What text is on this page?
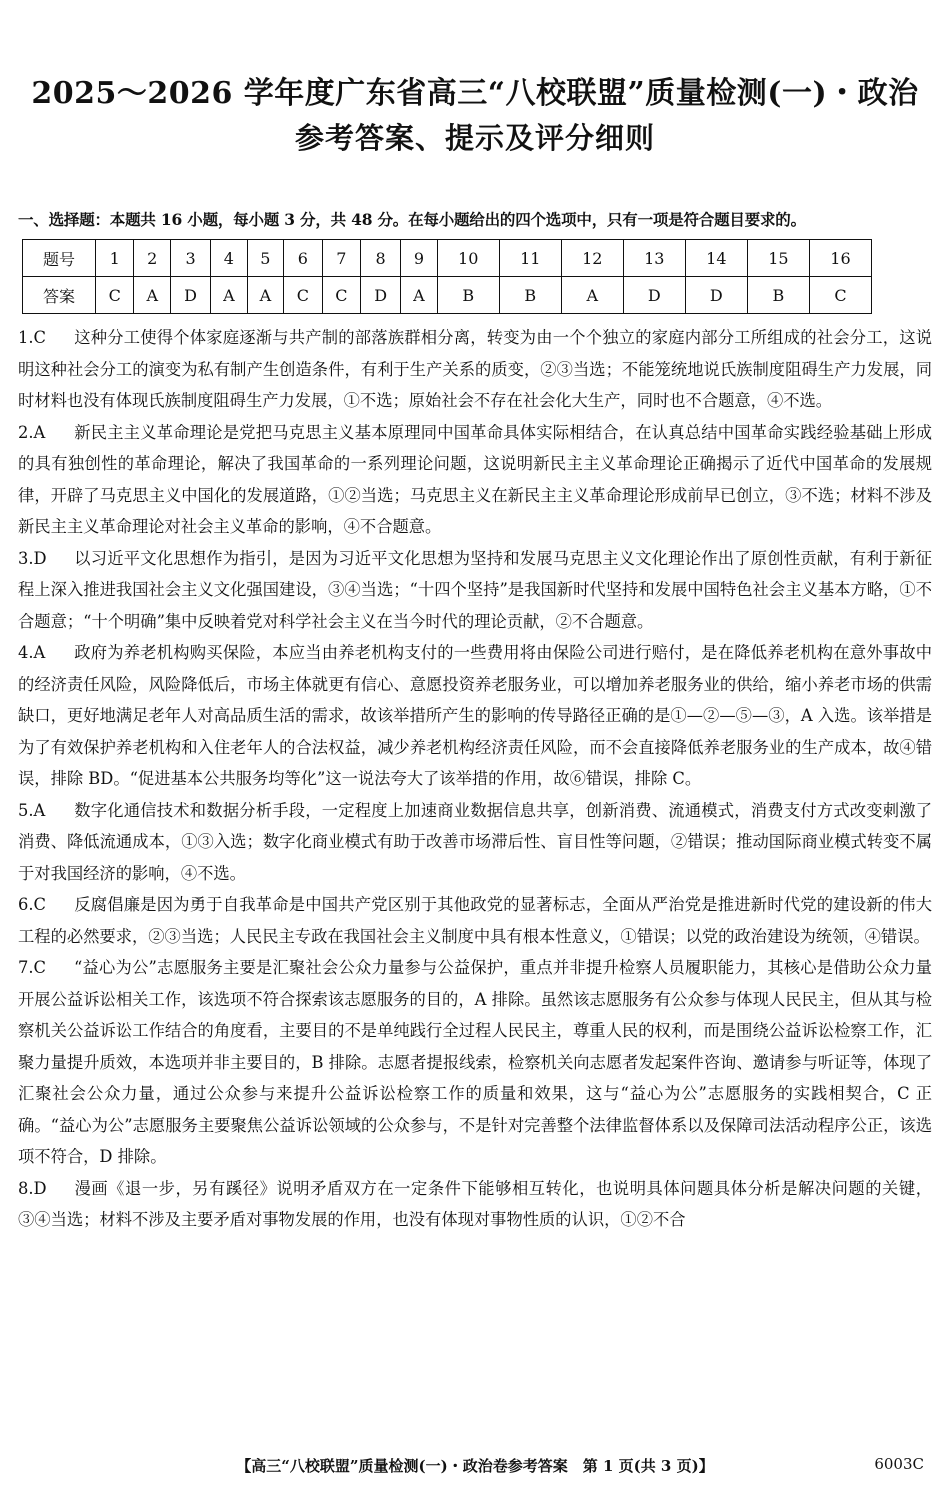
2025～2026 学年度广东省高三“八校联盟”质量检测(一)・政治
参考答案、提示及评分细则
一、选择题：本题共 16 小题，每小题 3 分，共 48 分。在每小题给出的四个选项中，只有一项是符合题目要求的。
题号	1	2	3	4	5	6	7	8	9	10	11	12	13	14	15	16
答案	C	A	D	A	A	C	C	D	A	B	B	A	D	D	B	C
1.C 这种分工使得个体家庭逐渐与共产制的部落族群相分离，转变为由一个个独立的家庭内部分工所组成的社会分工，这说明这种社会分工的演变为私有制产生创造条件，有利于生产关系的质变，②③当选；不能笼统地说氏族制度阻碍生产力发展，同时材料也没有体现氏族制度阻碍生产力发展，①不选；原始社会不存在社会化大生产，同时也不合题意，④不选。
2.A 新民主主义革命理论是党把马克思主义基本原理同中国革命具体实际相结合，在认真总结中国革命实践经验基础上形成的具有独创性的革命理论，解决了我国革命的一系列理论问题，这说明新民主主义革命理论正确揭示了近代中国革命的发展规律，开辟了马克思主义中国化的发展道路，①②当选；马克思主义在新民主主义革命理论形成前早已创立，③不选；材料不涉及新民主主义革命理论对社会主义革命的影响，④不合题意。
3.D 以习近平文化思想作为指引，是因为习近平文化思想为坚持和发展马克思主义文化理论作出了原创性贡献，有利于新征程上深入推进我国社会主义文化强国建设，③④当选；“十四个坚持”是我国新时代坚持和发展中国特色社会主义基本方略，①不合题意；“十个明确”集中反映着党对科学社会主义在当今时代的理论贡献，②不合题意。
4.A 政府为养老机构购买保险，本应当由养老机构支付的一些费用将由保险公司进行赔付，是在降低养老机构在意外事故中的经济责任风险，风险降低后，市场主体就更有信心、意愿投资养老服务业，可以增加养老服务业的供给，缩小养老市场的供需缺口，更好地满足老年人对高品质生活的需求，故该举措所产生的影响的传导路径正确的是①—②—⑤—③，A 入选。该举措是为了有效保护养老机构和入住老年人的合法权益，减少养老机构经济责任风险，而不会直接降低养老服务业的生产成本，故④错误，排除 BD。“促进基本公共服务均等化”这一说法夸大了该举措的作用，故⑥错误，排除 C。
5.A 数字化通信技术和数据分析手段，一定程度上加速商业数据信息共享，创新消费、流通模式，消费支付方式改变刺激了消费、降低流通成本，①③入选；数字化商业模式有助于改善市场滞后性、盲目性等问题，②错误；推动国际商业模式转变不属于对我国经济的影响，④不选。
6.C 反腐倡廉是因为勇于自我革命是中国共产党区别于其他政党的显著标志，全面从严治党是推进新时代党的建设新的伟大工程的必然要求，②③当选；人民民主专政在我国社会主义制度中具有根本性意义，①错误；以党的政治建设为统领，④错误。
7.C “益心为公”志愿服务主要是汇聚社会公众力量参与公益保护，重点并非提升检察人员履职能力，其核心是借助公众力量开展公益诉讼相关工作，该选项不符合探索该志愿服务的目的，A 排除。虽然该志愿服务有公众参与体现人民民主，但从其与检察机关公益诉讼工作结合的角度看，主要目的不是单纯践行全过程人民民主，尊重人民的权利，而是围绕公益诉讼检察工作，汇聚力量提升质效，本选项并非主要目的，B 排除。志愿者提报线索，检察机关向志愿者发起案件咨询、邀请参与听证等，体现了汇聚社会公众力量，通过公众参与来提升公益诉讼检察工作的质量和效果，这与“益心为公”志愿服务的实践相契合，C 正确。“益心为公”志愿服务主要聚焦公益诉讼领域的公众参与，不是针对完善整个法律监督体系以及保障司法活动程序公正，该选项不符合，D 排除。
8.D 漫画《退一步，另有蹊径》说明矛盾双方在一定条件下能够相互转化，也说明具体问题具体分析是解决问题的关键，③④当选；材料不涉及主要矛盾对事物发展的作用，也没有体现对事物性质的认识，①②不合
【高三“八校联盟”质量检测(一)・政治卷参考答案　第 1 页(共 3 页)】	6003C
